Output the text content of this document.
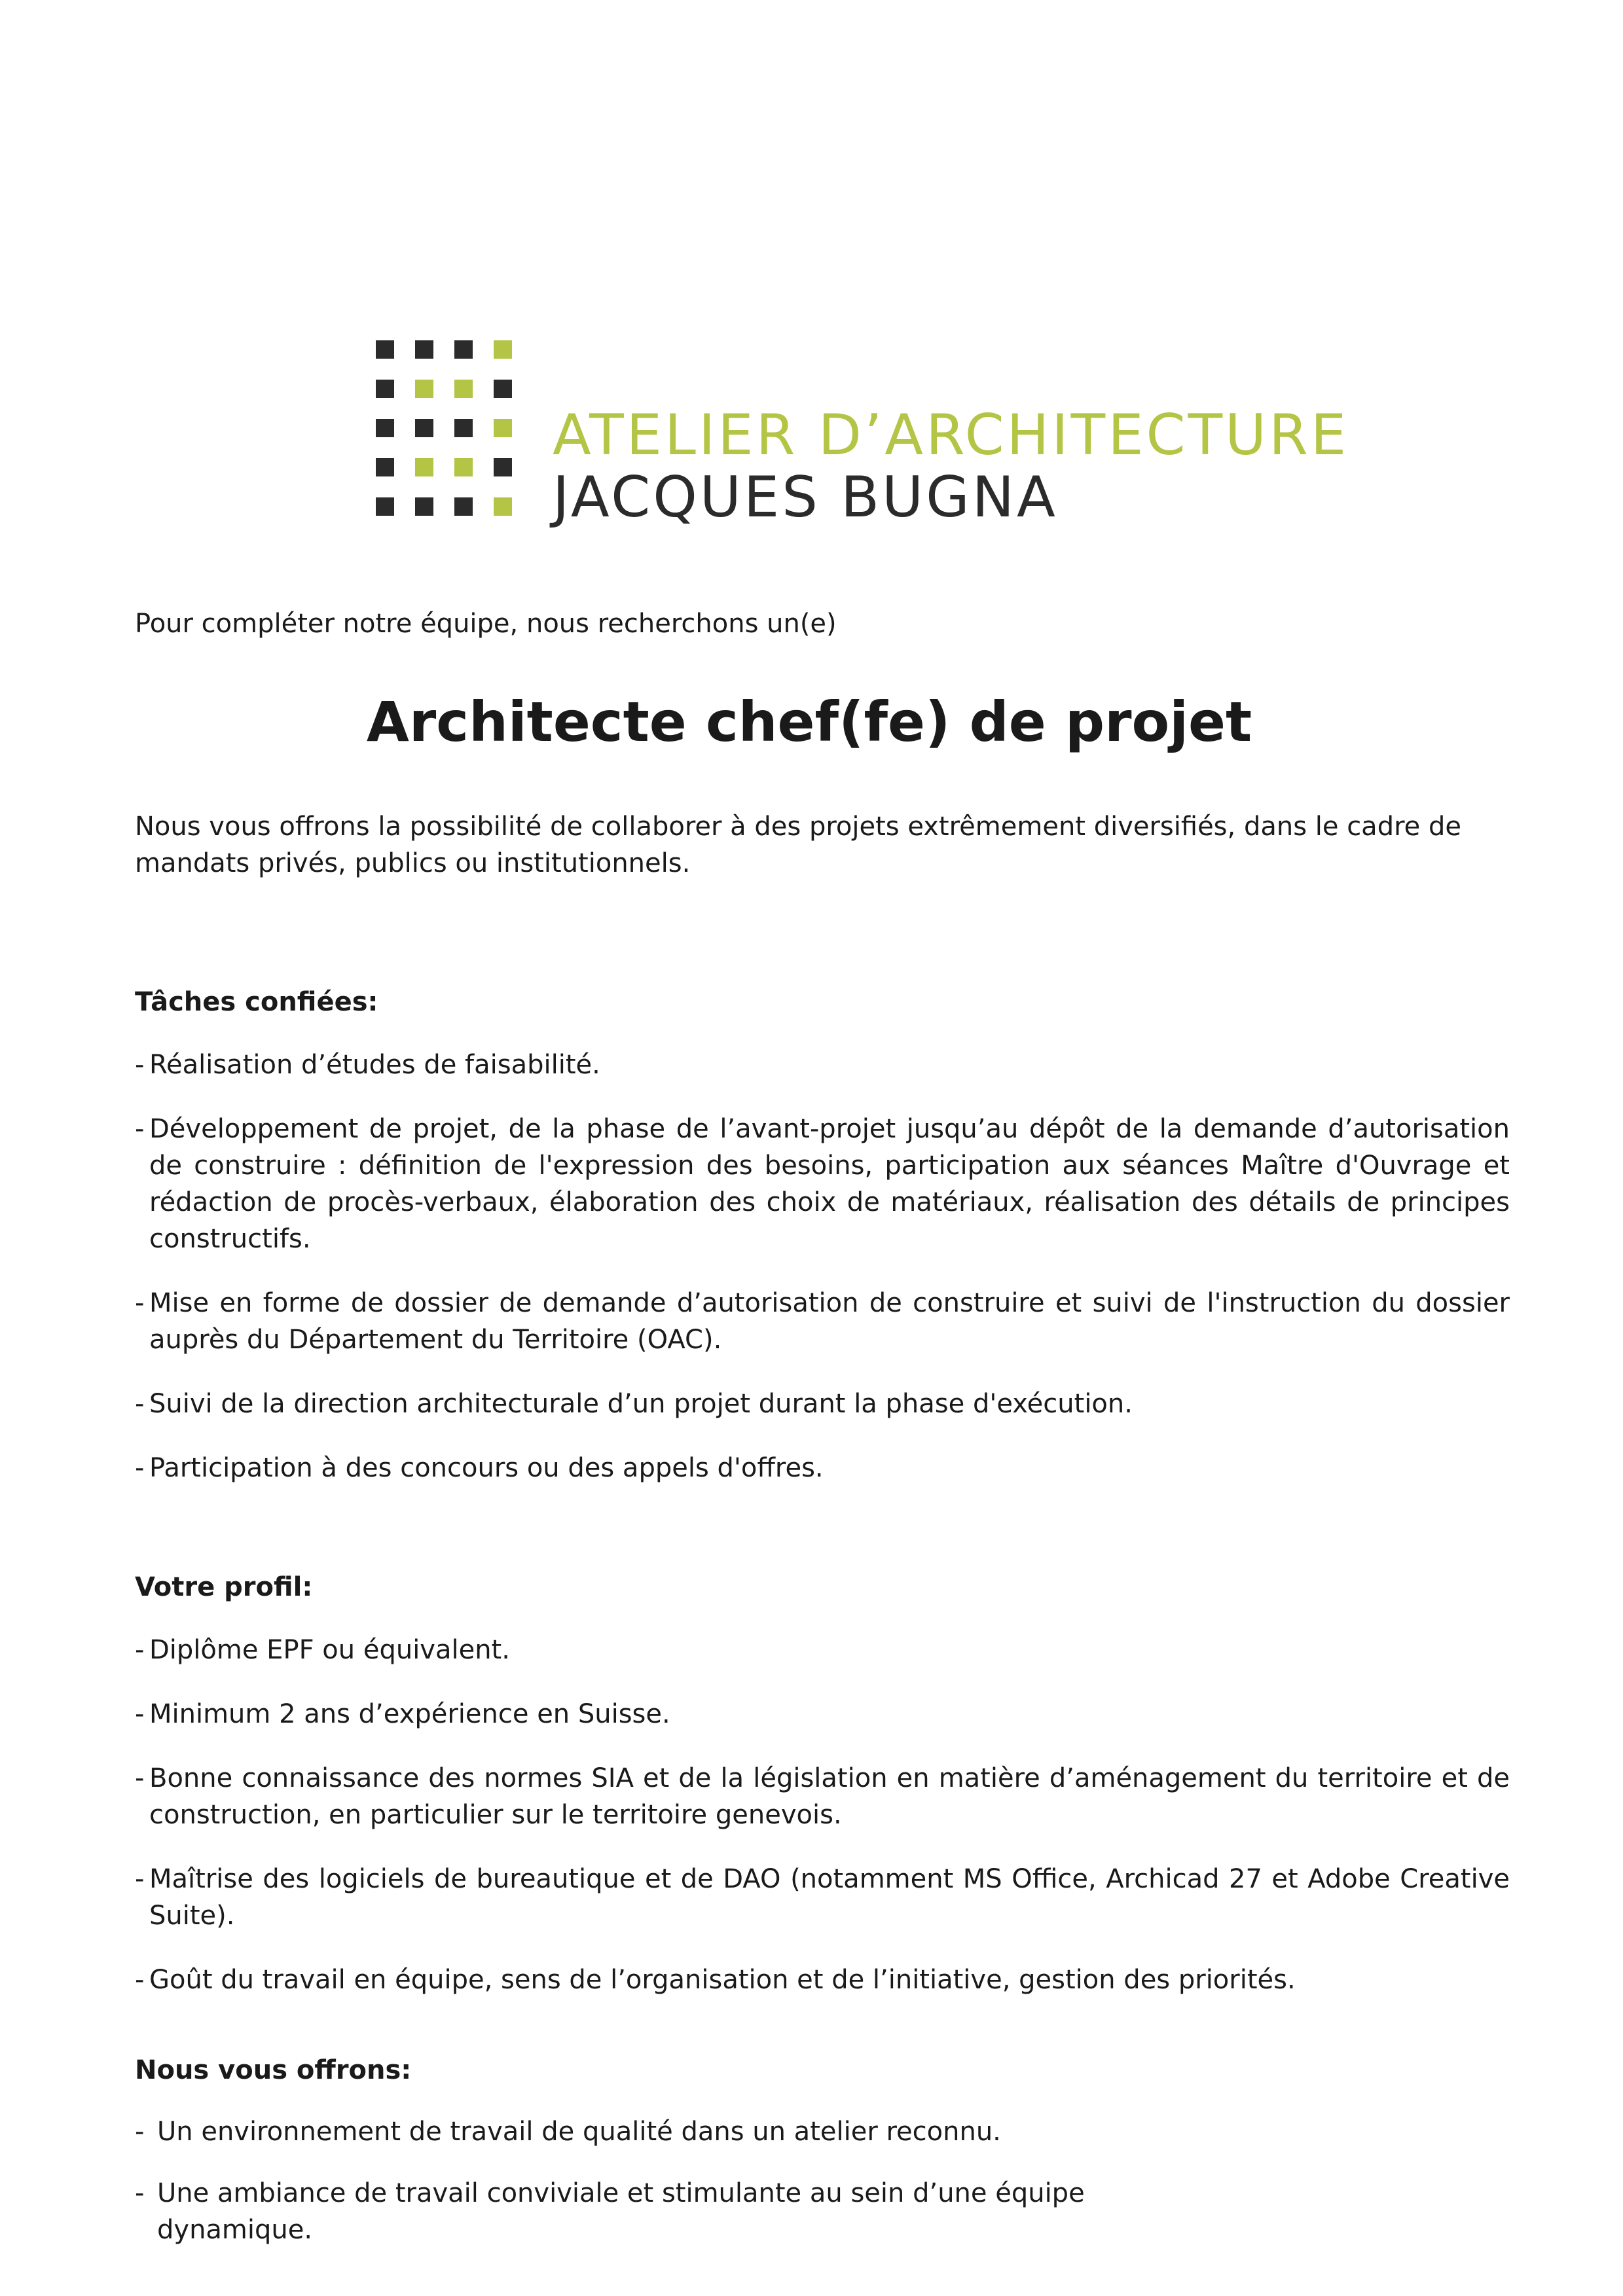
ATELIER D’ARCHITECTURE
JACQUES BUGNA

Pour compléter notre équipe, nous recherchons un(e)

Architecte chef(fe) de projet

Nous vous offrons la possibilité de collaborer à des projets extrêmement diversifiés, dans le cadre de mandats privés, publics ou institutionnels.

Tâches confiées:

- Réalisation d’études de faisabilité.
- Développement de projet, de la phase de l’avant-projet jusqu’au dépôt de la demande d’autorisation de construire : définition de l'expression des besoins, participation aux séances Maître d'Ouvrage et rédaction de procès-verbaux, élaboration des choix de matériaux, réalisation des détails de principes constructifs.
- Mise en forme de dossier de demande d’autorisation de construire et suivi de l'instruction du dossier auprès du Département du Territoire (OAC).
- Suivi de la direction architecturale d’un projet durant la phase d'exécution.
- Participation à des concours ou des appels d'offres.

Votre profil:

- Diplôme EPF ou équivalent.
- Minimum 2 ans d’expérience en Suisse.
- Bonne connaissance des normes SIA et de la législation en matière d’aménagement du territoire et de construction, en particulier sur le territoire genevois.
- Maîtrise des logiciels de bureautique et de DAO (notamment MS Office, Archicad 27 et Adobe Creative Suite).
- Goût du travail en équipe, sens de l’organisation et de l’initiative, gestion des priorités.

Nous vous offrons:

- Un environnement de travail de qualité dans un atelier reconnu.
- Une ambiance de travail conviviale et stimulante au sein d’une équipe dynamique.
